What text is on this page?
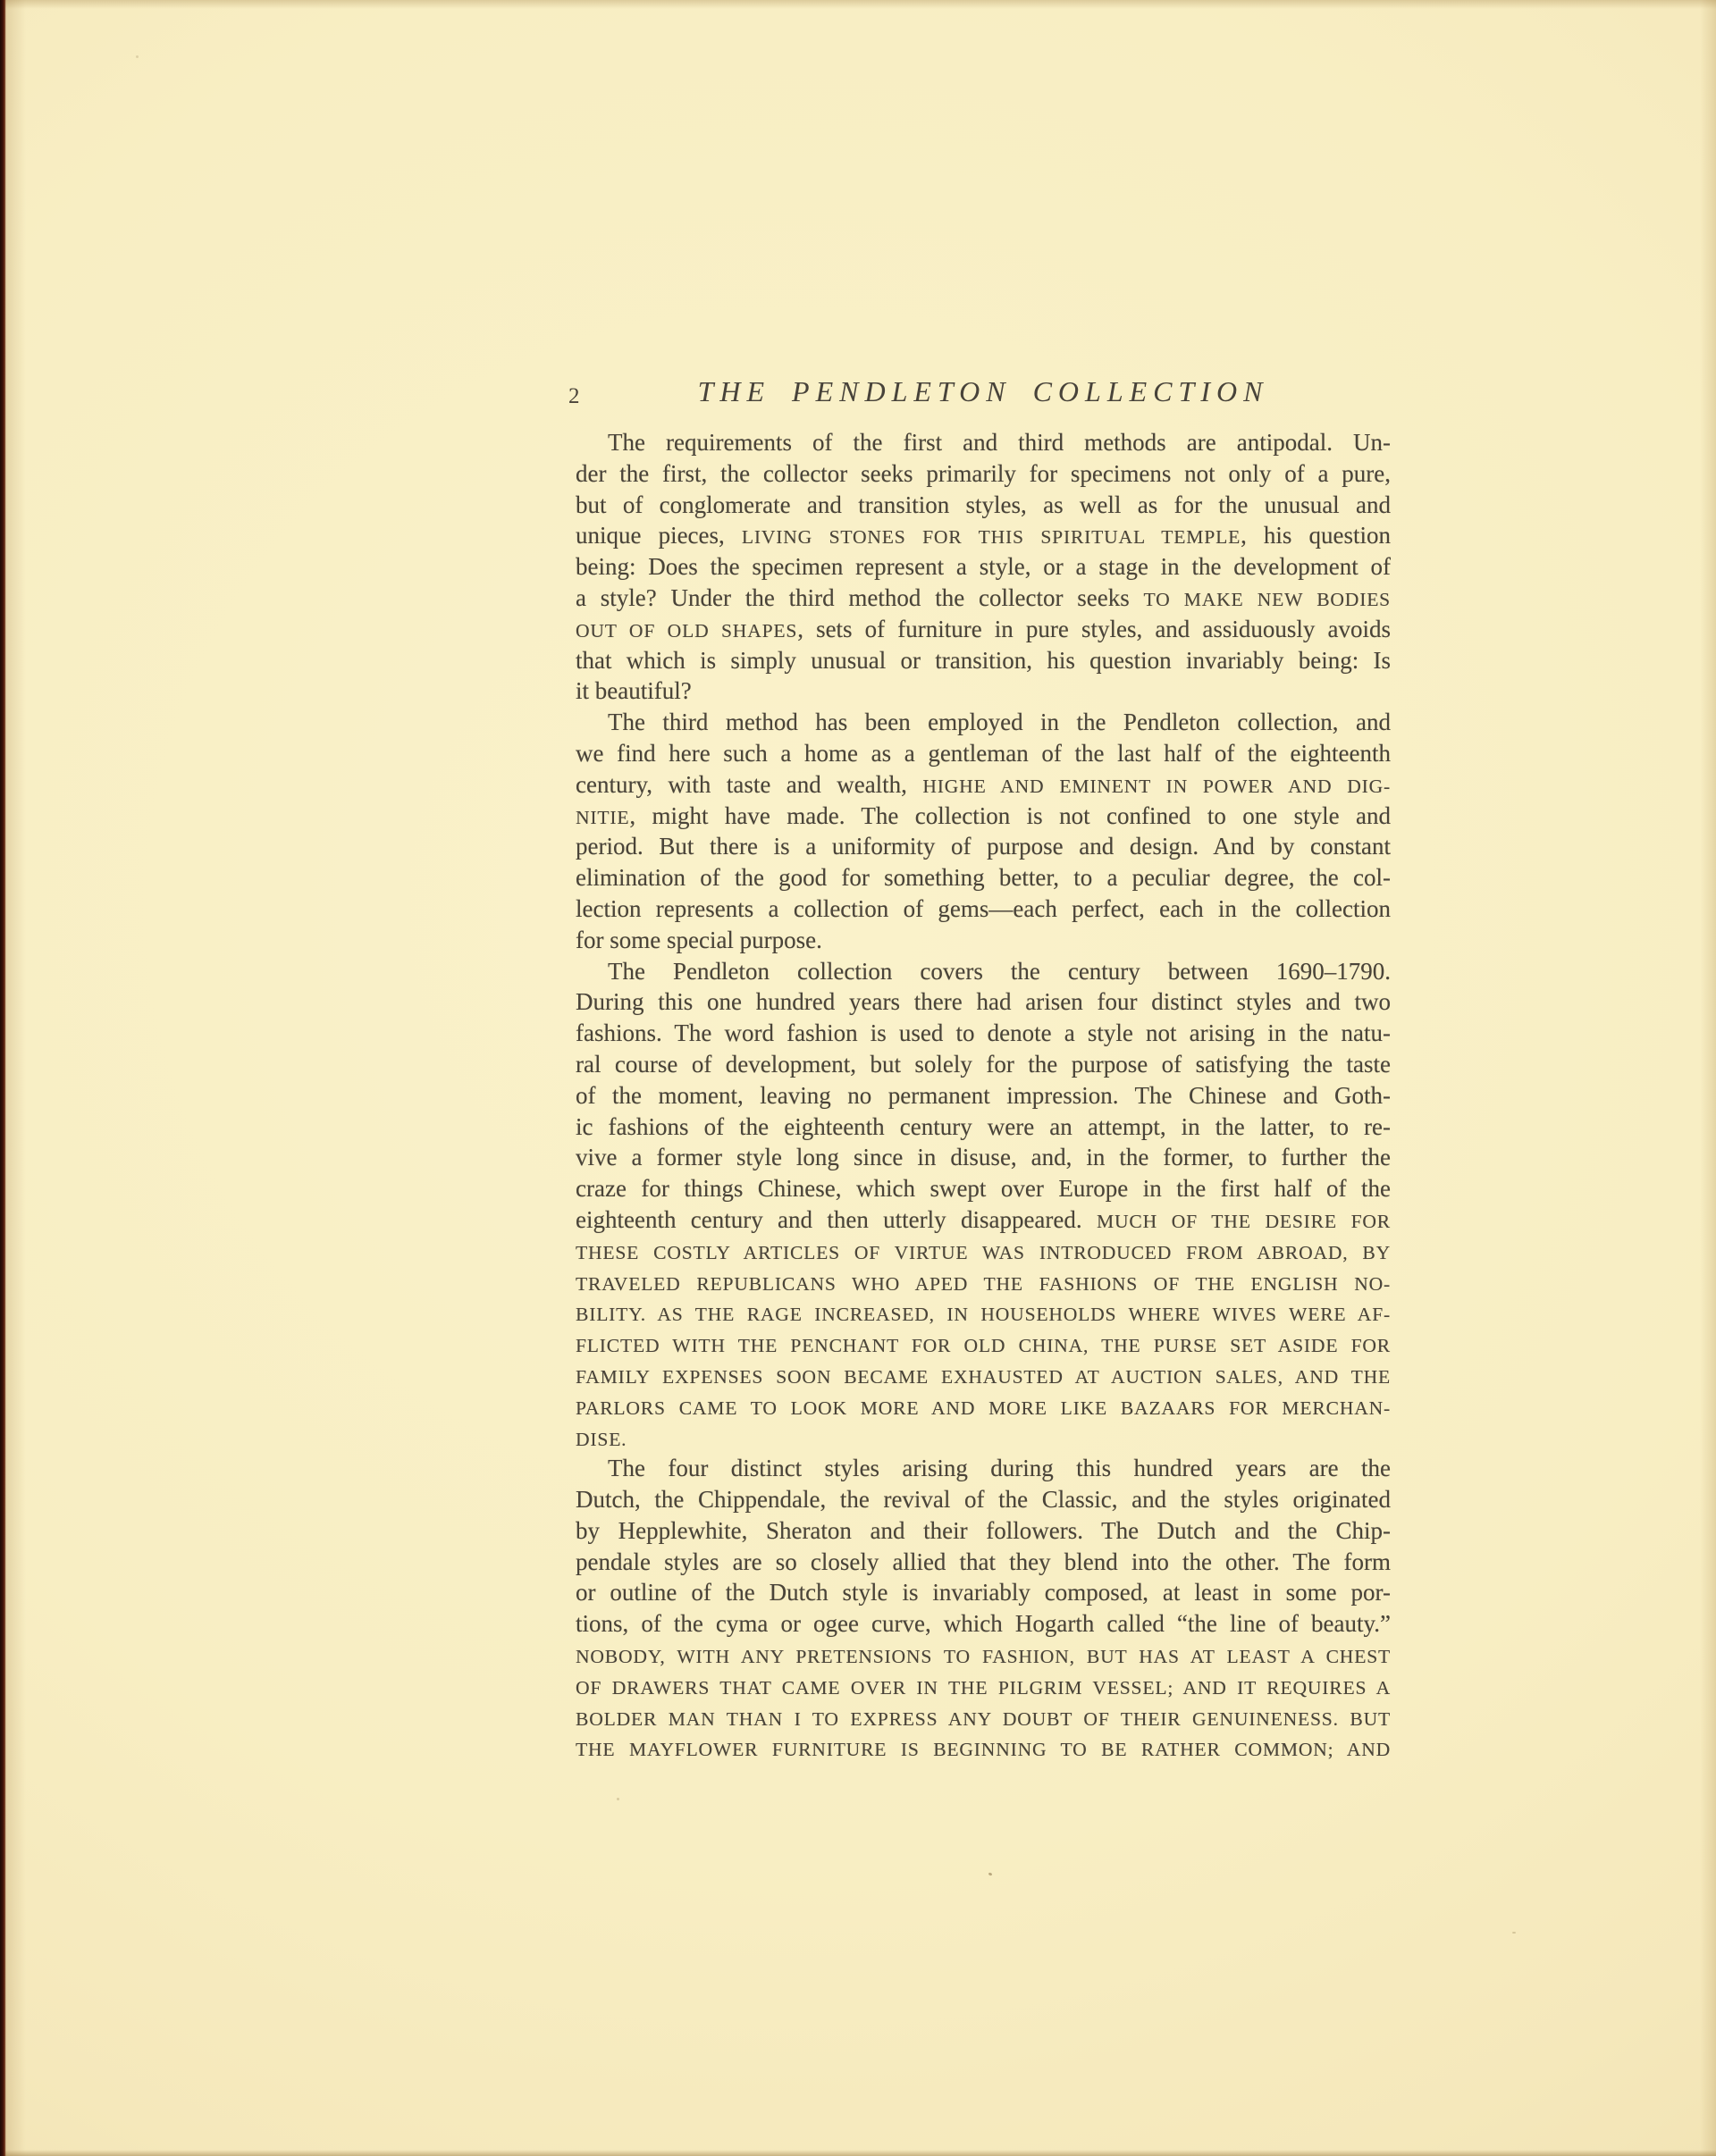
2	THE PENDLETON COLLECTION
The requirements of the first and third methods are antipodal. Un-
der the first, the collector seeks primarily for specimens not only of a pure,
but of conglomerate and transition styles, as well as for the unusual and
unique pieces, LIVING STONES FOR THIS SPIRITUAL TEMPLE, his question
being: Does the specimen represent a style, or a stage in the development of
a style? Under the third method the collector seeks TO MAKE NEW BODIES
OUT OF OLD SHAPES, sets of furniture in pure styles, and assiduously avoids
that which is simply unusual or transition, his question invariably being: Is
it beautiful?
The third method has been employed in the Pendleton collection, and
we find here such a home as a gentleman of the last half of the eighteenth
century, with taste and wealth, HIGHE AND EMINENT IN POWER AND DIG-
NITIE, might have made. The collection is not confined to one style and
period. But there is a uniformity of purpose and design. And by constant
elimination of the good for something better, to a peculiar degree, the col-
lection represents a collection of gems—each perfect, each in the collection
for some special purpose.
The Pendleton collection covers the century between 1690–1790.
During this one hundred years there had arisen four distinct styles and two
fashions. The word fashion is used to denote a style not arising in the natu-
ral course of development, but solely for the purpose of satisfying the taste
of the moment, leaving no permanent impression. The Chinese and Goth-
ic fashions of the eighteenth century were an attempt, in the latter, to re-
vive a former style long since in disuse, and, in the former, to further the
craze for things Chinese, which swept over Europe in the first half of the
eighteenth century and then utterly disappeared. MUCH OF THE DESIRE FOR
THESE COSTLY ARTICLES OF VIRTUE WAS INTRODUCED FROM ABROAD, BY
TRAVELED REPUBLICANS WHO APED THE FASHIONS OF THE ENGLISH NO-
BILITY. AS THE RAGE INCREASED, IN HOUSEHOLDS WHERE WIVES WERE AF-
FLICTED WITH THE PENCHANT FOR OLD CHINA, THE PURSE SET ASIDE FOR
FAMILY EXPENSES SOON BECAME EXHAUSTED AT AUCTION SALES, AND THE
PARLORS CAME TO LOOK MORE AND MORE LIKE BAZAARS FOR MERCHAN-
DISE.
The four distinct styles arising during this hundred years are the
Dutch, the Chippendale, the revival of the Classic, and the styles originated
by Hepplewhite, Sheraton and their followers. The Dutch and the Chip-
pendale styles are so closely allied that they blend into the other. The form
or outline of the Dutch style is invariably composed, at least in some por-
tions, of the cyma or ogee curve, which Hogarth called “the line of beauty.”
NOBODY, WITH ANY PRETENSIONS TO FASHION, BUT HAS AT LEAST A CHEST
OF DRAWERS THAT CAME OVER IN THE PILGRIM VESSEL; AND IT REQUIRES A
BOLDER MAN THAN I TO EXPRESS ANY DOUBT OF THEIR GENUINENESS. BUT
THE MAYFLOWER FURNITURE IS BEGINNING TO BE RATHER COMMON; AND
